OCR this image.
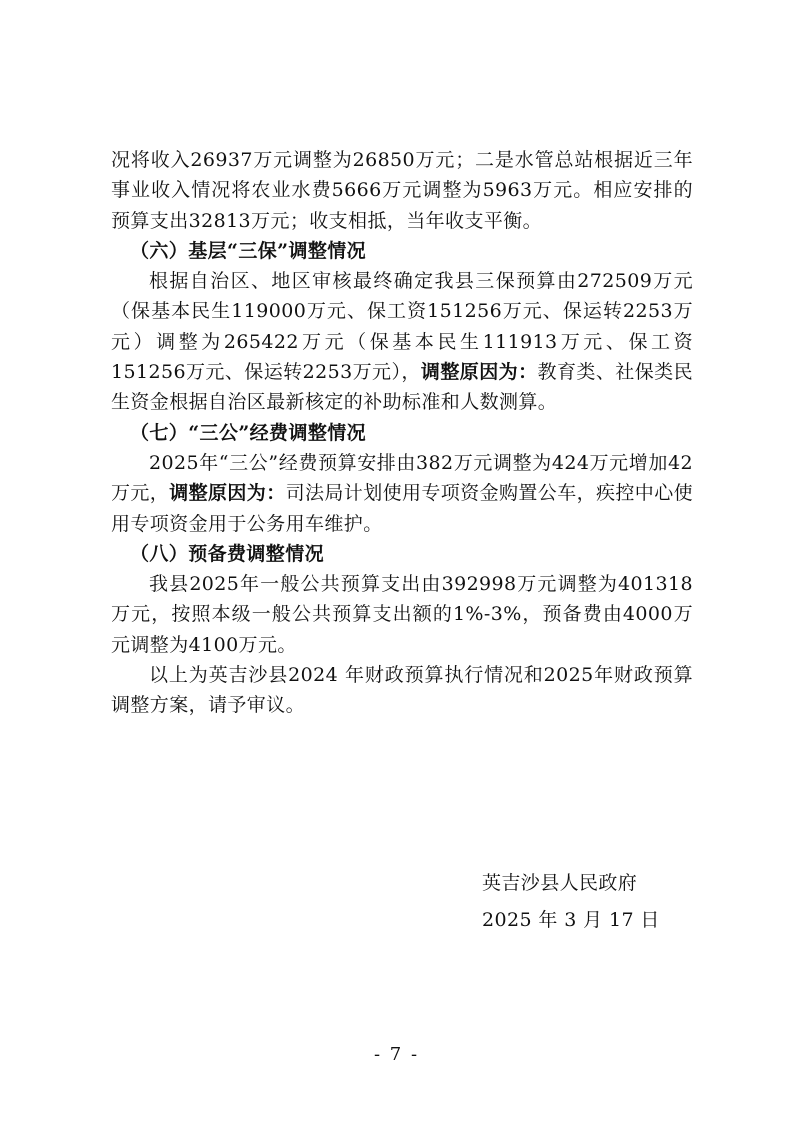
况将收入26937万元调整为26850万元；二是水管总站根据近三年事业收入情况将农业水费5666万元调整为5963万元。相应安排的预算支出32813万元；收支相抵，当年收支平衡。

（六）基层“三保”调整情况

根据自治区、地区审核最终确定我县三保预算由272509万元（保基本民生119000万元、保工资151256万元、保运转2253万元）调整为265422万元（保基本民生111913万元、保工资151256万元、保运转2253万元），调整原因为：教育类、社保类民生资金根据自治区最新核定的补助标准和人数测算。

（七）“三公”经费调整情况

2025年“三公”经费预算安排由382万元调整为424万元增加42万元，调整原因为：司法局计划使用专项资金购置公车，疾控中心使用专项资金用于公务用车维护。

（八）预备费调整情况

我县2025年一般公共预算支出由392998万元调整为401318万元，按照本级一般公共预算支出额的1%-3%，预备费由4000万元调整为4100万元。

以上为英吉沙县2024 年财政预算执行情况和2025年财政预算调整方案，请予审议。

英吉沙县人民政府
2025 年 3 月 17 日
- 7 -
